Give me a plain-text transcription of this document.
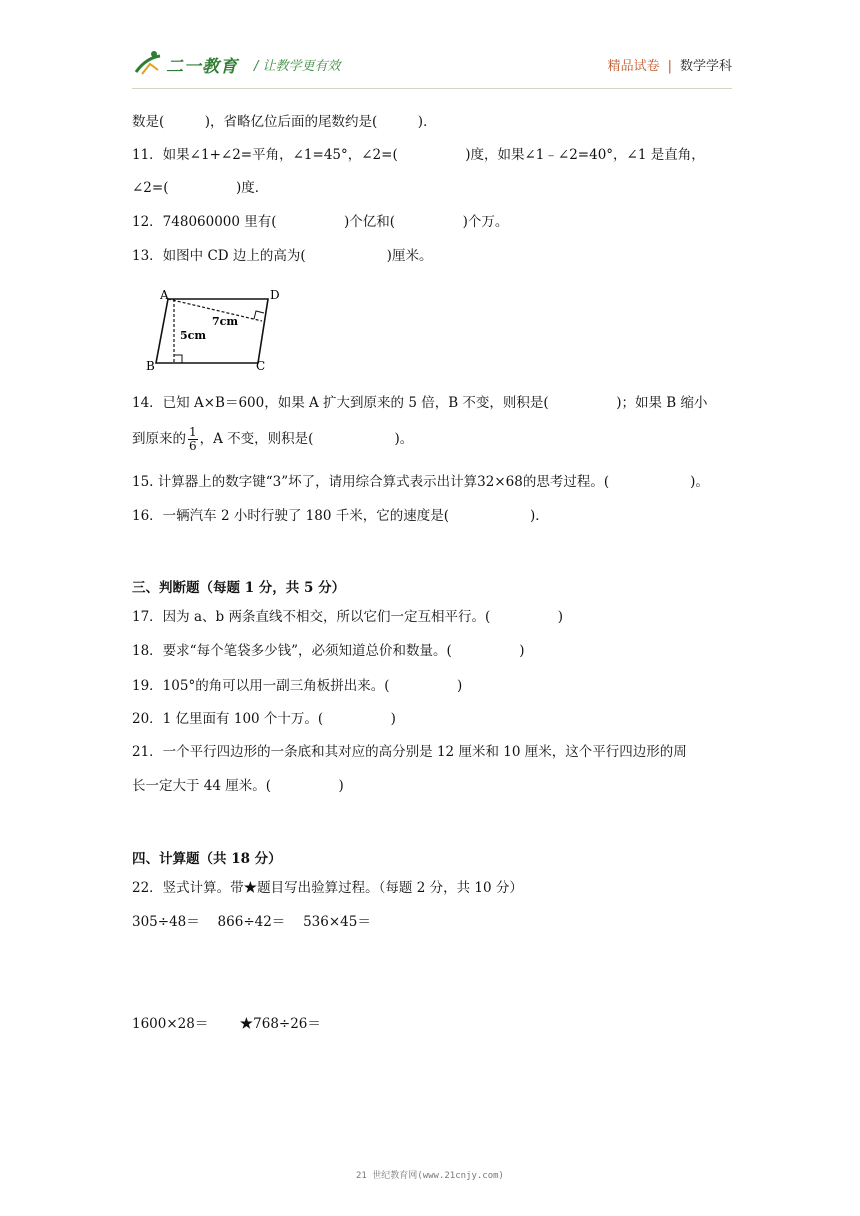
二一教育 / 让教学更有效	精品试卷 | 数学学科
数是(　　　)，省略亿位后面的尾数约是(　　　)．
11．如果∠1+∠2=平角，∠1=45°，∠2=(　　　　　)度，如果∠1﹣∠2=40°，∠1 是直角，
∠2=(　　　　　)度．
12．748060000 里有(　　　　　)个亿和(　　　　　)个万。
13．如图中 CD 边上的高为(　　　　　　)厘米。
A	D
B	C
7cm
5cm
14．已知 A×B＝600，如果 A 扩大到原来的 5 倍，B 不变，则积是(　　　　　)；如果 B 缩小
到原来的 $\frac{1}{6}$ ，A 不变，则积是(　　　　　　)。
15. 计算器上的数字键“3”坏了，请用综合算式表示出计算32×68的思考过程。(　　　　　　)。
16．一辆汽车 2 小时行驶了 180 千米，它的速度是(　　　　　　)．
三、判断题（每题 1 分，共 5 分）
17．因为 a、b 两条直线不相交，所以它们一定互相平行。(　　　　　)
18．要求“每个笔袋多少钱”，必须知道总价和数量。(　　　　　)
19．105°的角可以用一副三角板拼出来。(　　　　　)
20．1 亿里面有 100 个十万。(　　　　　)
21．一个平行四边形的一条底和其对应的高分别是 12 厘米和 10 厘米，这个平行四边形的周
长一定大于 44 厘米。(　　　　　)
四、计算题（共 18 分）
22．竖式计算。带★题目写出验算过程。（每题 2 分，共 10 分）
305÷48＝　 866÷42＝　 536×45＝
1600×28＝　　 ★768÷26＝
21 世纪教育网(www.21cnjy.com)
